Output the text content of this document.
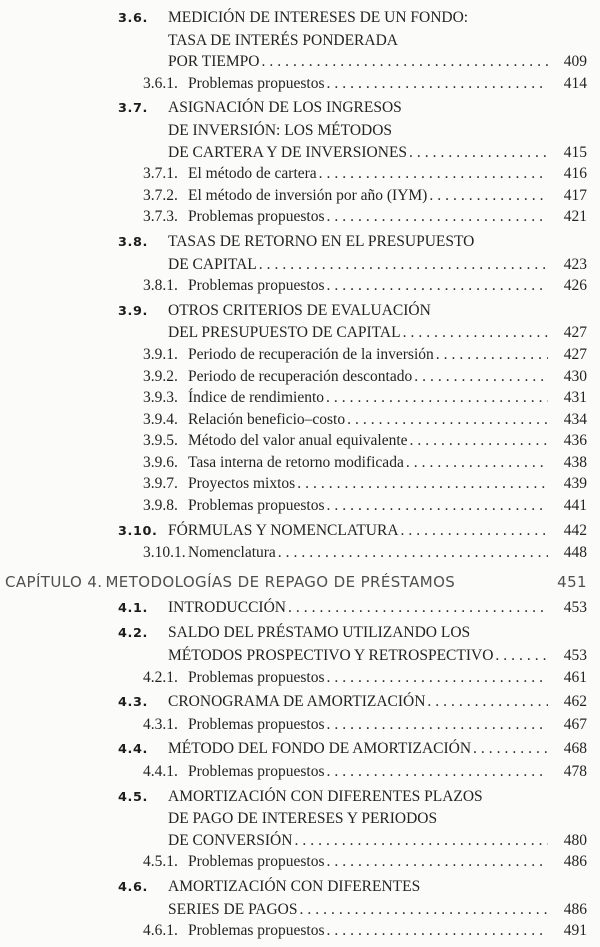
3.6.	MEDICIÓN DE INTERESES DE UN FONDO:
TASA DE INTERÉS PONDERADA
POR TIEMPO .....	409
3.6.1. Problemas propuestos .....	414
3.7.	ASIGNACIÓN DE LOS INGRESOS
DE INVERSIÓN: LOS MÉTODOS
DE CARTERA Y DE INVERSIONES .....	415
3.7.1. El método de cartera .....	416
3.7.2. El método de inversión por año (IYM) .....	417
3.7.3. Problemas propuestos .....	421
3.8.	TASAS DE RETORNO EN EL PRESUPUESTO
DE CAPITAL .....	423
3.8.1. Problemas propuestos .....	426
3.9.	OTROS CRITERIOS DE EVALUACIÓN
DEL PRESUPUESTO DE CAPITAL .....	427
3.9.1. Periodo de recuperación de la inversión .....	427
3.9.2. Periodo de recuperación descontado .....	430
3.9.3. Índice de rendimiento .....	431
3.9.4. Relación beneficio–costo .....	434
3.9.5. Método del valor anual equivalente .....	436
3.9.6. Tasa interna de retorno modificada .....	438
3.9.7. Proyectos mixtos .....	439
3.9.8. Problemas propuestos .....	441
3.10. FÓRMULAS Y NOMENCLATURA .....	442
3.10.1. Nomenclatura .....	448
CAPÍTULO 4. METODOLOGÍAS DE REPAGO DE PRÉSTAMOS	451
4.1.	INTRODUCCIÓN .....	453
4.2.	SALDO DEL PRÉSTAMO UTILIZANDO LOS
MÉTODOS PROSPECTIVO Y RETROSPECTIVO .....	453
4.2.1. Problemas propuestos .....	461
4.3.	CRONOGRAMA DE AMORTIZACIÓN .....	462
4.3.1. Problemas propuestos .....	467
4.4.	MÉTODO DEL FONDO DE AMORTIZACIÓN .....	468
4.4.1. Problemas propuestos .....	478
4.5.	AMORTIZACIÓN CON DIFERENTES PLAZOS
DE PAGO DE INTERESES Y PERIODOS
DE CONVERSIÓN .....	480
4.5.1. Problemas propuestos .....	486
4.6.	AMORTIZACIÓN CON DIFERENTES
SERIES DE PAGOS .....	486
4.6.1. Problemas propuestos .....	491
